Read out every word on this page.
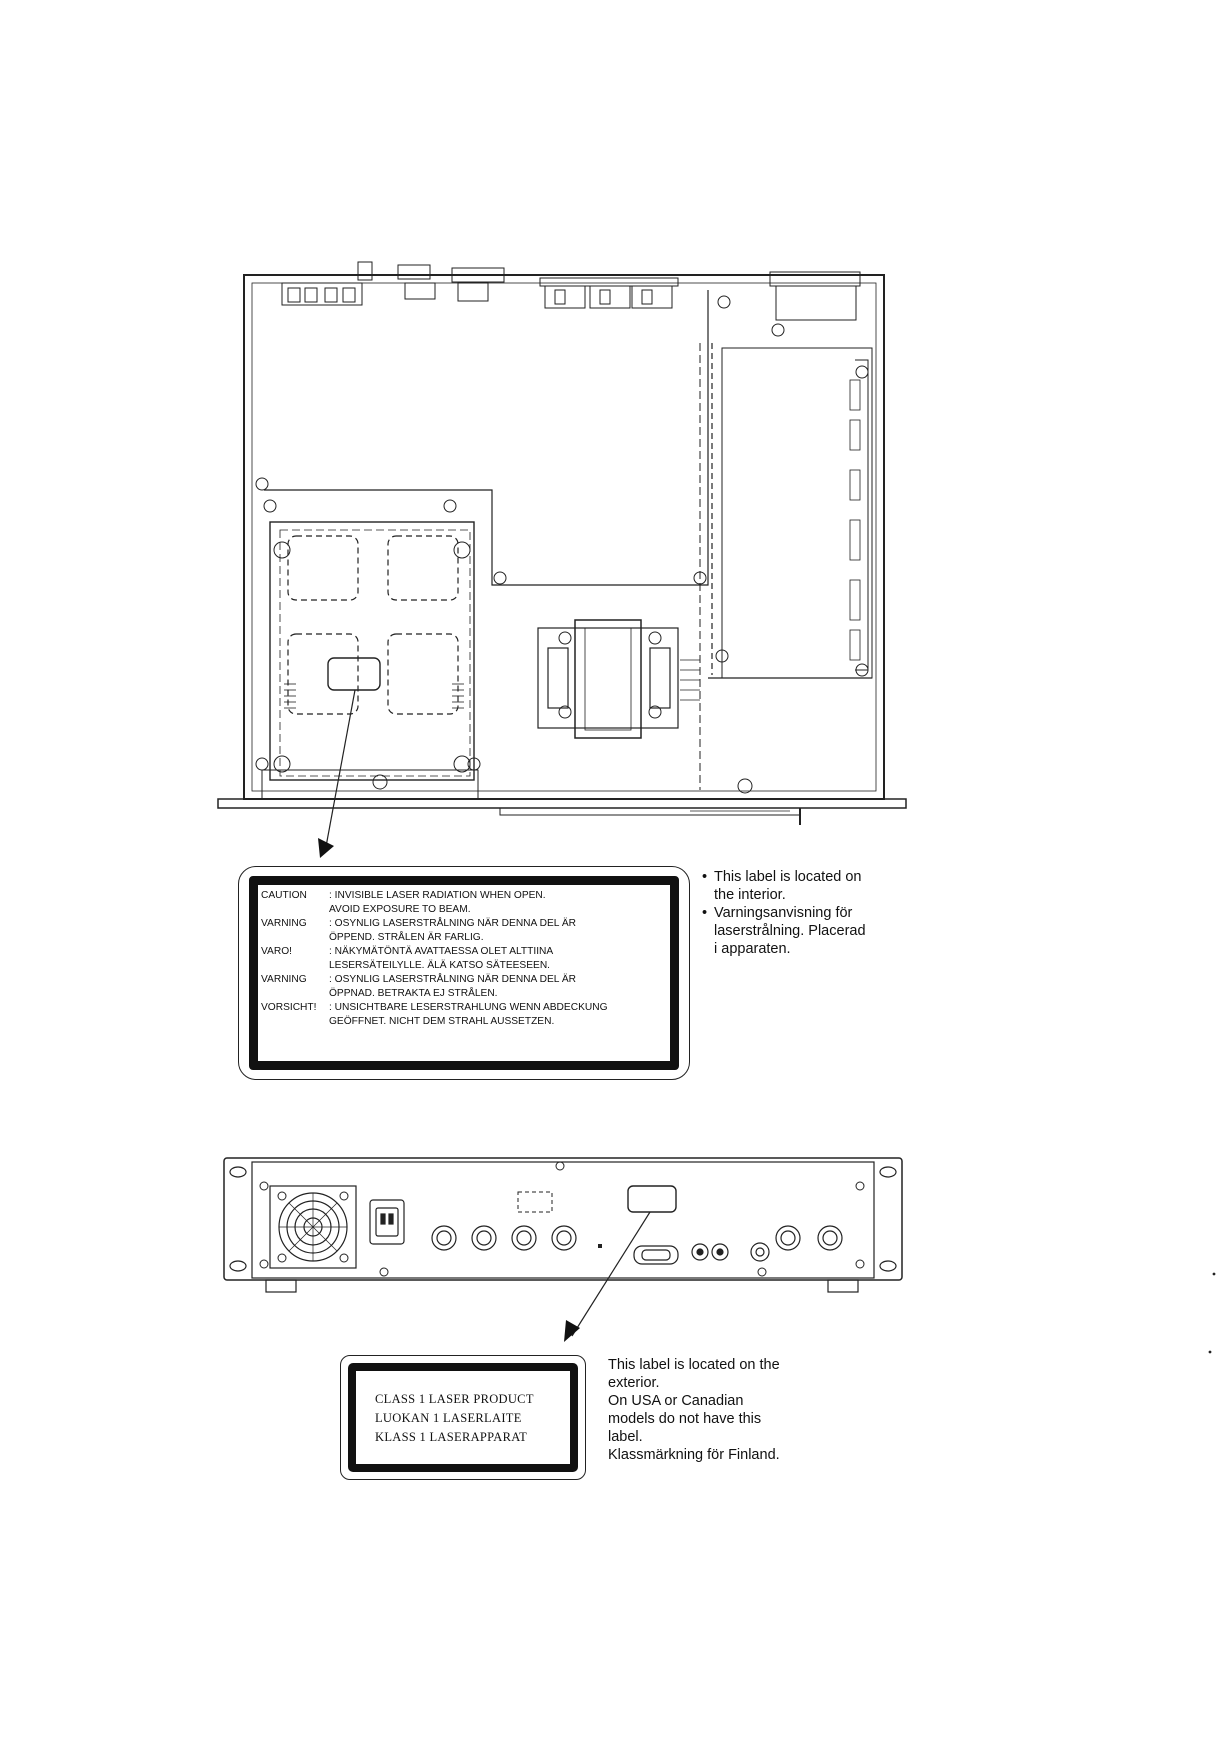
• This label is located on
the interior.
• Varningsanvisning för
laserstrålning. Placerad
i apparaten.
CAUTION	: INVISIBLE LASER RADIATION WHEN OPEN.
AVOID EXPOSURE TO BEAM.
VARNING	: OSYNLIG LASERSTRÅLNING NÄR DENNA DEL ÄR
ÖPPEND. STRÅLEN ÄR FARLIG.
VARO!	: NÄKYMÄTÖNTÄ AVATTAESSA OLET ALTTIINA
LESERSÄTEILYLLE. ÄLÄ KATSO SÄTEESEEN.
VARNING	: OSYNLIG LASERSTRÅLNING NÄR DENNA DEL ÄR
ÖPPNAD. BETRAKTA EJ STRÅLEN.
VORSICHT!	: UNSICHTBARE LESERSTRAHLUNG WENN ABDECKUNG
GEÖFFNET. NICHT DEM STRAHL AUSSETZEN.
CLASS 1 LASER PRODUCT
LUOKAN 1 LASERLAITE
KLASS 1 LASERAPPARAT
This label is located on the
exterior.
On USA or Canadian
models do not have this
label.
Klassmärkning för Finland.
